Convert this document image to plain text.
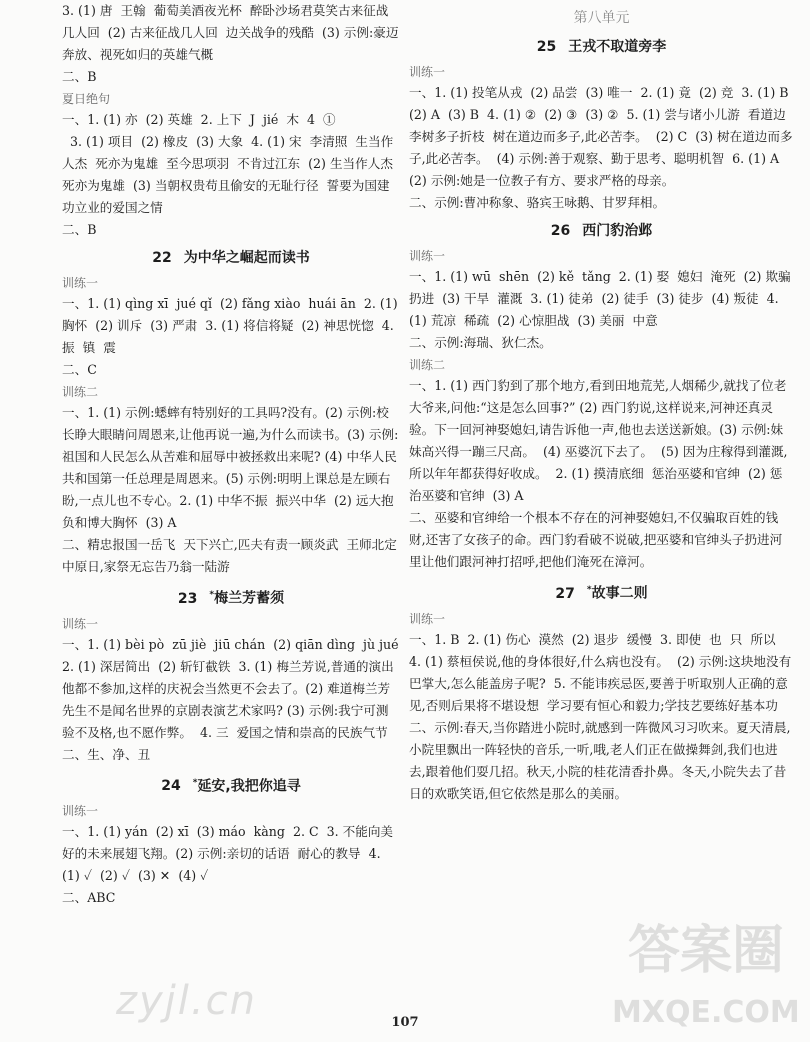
3. (1) 唐  王翰  葡萄美酒夜光杯  醉卧沙场君莫笑古来征战几人回  (2) 古来征战几人回  边关战争的残酷  (3) 示例:豪迈奔放、视死如归的英雄气概

二、B

夏日绝句

一、1. (1) 亦  (2) 英雄  2. 上下  J  jié  木  4  ①

3. (1) 项目  (2) 橡皮  (3) 大象  4. (1) 宋  李清照  生当作人杰  死亦为鬼雄  至今思项羽  不肯过江东  (2) 生当作人杰  死亦为鬼雄  (3) 当朝权贵苟且偷安的无耻行径  誓要为国建功立业的爱国之情

二、B

22 为中华之崛起而读书

训练一

一、1. (1) qìng xī  jué qǐ  (2) fǎng xiào  huái ān  2. (1) 胸怀  (2) 训斥  (3) 严肃  3. (1) 将信将疑  (2) 神思恍惚  4. 振  镇  震

二、C

训练二

一、1. (1) 示例:蟋蟀有特别好的工具吗?没有。(2) 示例:校长睁大眼睛问周恩来,让他再说一遍,为什么而读书。(3) 示例:祖国和人民怎么从苦难和屈辱中被拯救出来呢? (4) 中华人民共和国第一任总理是周恩来。(5) 示例:明明上课总是左顾右盼,一点儿也不专心。2. (1) 中华不振  振兴中华  (2) 远大抱负和博大胸怀  (3) A

二、精忠报国一岳飞  天下兴亡,匹夫有责一顾炎武  王师北定中原日,家祭无忘告乃翁一陆游

23 *梅兰芳蓄须

训练一

一、1. (1) bèi pò  zū jiè  jiū chán  (2) qiān dìng  jù jué  2. (1) 深居简出  (2) 斩钉截铁  3. (1) 梅兰芳说,普通的演出他都不参加,这样的庆祝会当然更不会去了。(2) 难道梅兰芳先生不是闻名世界的京剧表演艺术家吗? (3) 示例:我宁可测验不及格,也不愿作弊。  4. 三  爱国之情和崇高的民族气节

二、生、净、丑

24 *延安,我把你追寻

训练一

一、1. (1) yán  (2) xī  (3) máo  kàng  2. C  3. 不能向美好的未来展翅飞翔。(2) 示例:亲切的话语  耐心的教导  4. (1) ✓  (2) ✓  (3) ✕  (4) ✓

二、ABC

第八单元

25 王戎不取道旁李

训练一

一、1. (1) 投笔从戎  (2) 品尝  (3) 唯一  2. (1) 竟  (2) 竞  3. (1) B  (2) A  (3) B  4. (1) ②  (2) ③  (3) ②  5. (1) 尝与诸小儿游  看道边李树多子折枝  树在道边而多子,此必苦李。  (2) C  (3) 树在道边而多子,此必苦李。  (4) 示例:善于观察、勤于思考、聪明机智  6. (1) A  (2) 示例:她是一位教子有方、要求严格的母亲。

二、示例:曹冲称象、骆宾王咏鹅、甘罗拜相。

26 西门豹治邺

训练一

一、1. (1) wū  shēn  (2) kě  tǎng  2. (1) 娶  媳妇  淹死  (2) 欺骗  扔进  (3) 干旱  灌溉  3. (1) 徒弟  (2) 徒手  (3) 徒步  (4) 叛徒  4. (1) 荒凉  稀疏  (2) 心惊胆战  (3) 美丽  中意

二、示例:海瑞、狄仁杰。

训练二

一、1. (1) 西门豹到了那个地方,看到田地荒芜,人烟稀少,就找了位老大爷来,问他:“这是怎么回事?” (2) 西门豹说,这样说来,河神还真灵验。下一回河神娶媳妇,请告诉他一声,他也去送送新娘。(3) 示例:妹妹高兴得一蹦三尺高。  (4) 巫婆沉下去了。  (5) 因为庄稼得到灌溉,所以年年都获得好收成。  2. (1) 摸清底细  惩治巫婆和官绅  (2) 惩治巫婆和官绅  (3) A

二、巫婆和官绅给一个根本不存在的河神娶媳妇,不仅骗取百姓的钱财,还害了女孩子的命。西门豹看破不说破,把巫婆和官绅头子扔进河里让他们跟河神打招呼,把他们淹死在漳河。

27 *故事二则

训练一

一、1. B  2. (1) 伤心  漠然  (2) 退步  缓慢  3. 即使  也  只  所以  4. (1) 蔡桓侯说,他的身体很好,什么病也没有。  (2) 示例:这块地没有巴掌大,怎么能盖房子呢?  5. 不能讳疾忌医,要善于听取别人正确的意见,否则后果将不堪设想  学习要有恒心和毅力;学技艺要练好基本功

二、示例:春天,当你踏进小院时,就感到一阵微风习习吹来。夏天清晨,小院里飘出一阵轻快的音乐,一听,哦,老人们正在做操舞剑,我们也进去,跟着他们耍几招。秋天,小院的桂花清香扑鼻。冬天,小院失去了昔日的欢歌笑语,但它依然是那么的美丽。

107
zyjl.cn
答案圈
MXQE.COM
